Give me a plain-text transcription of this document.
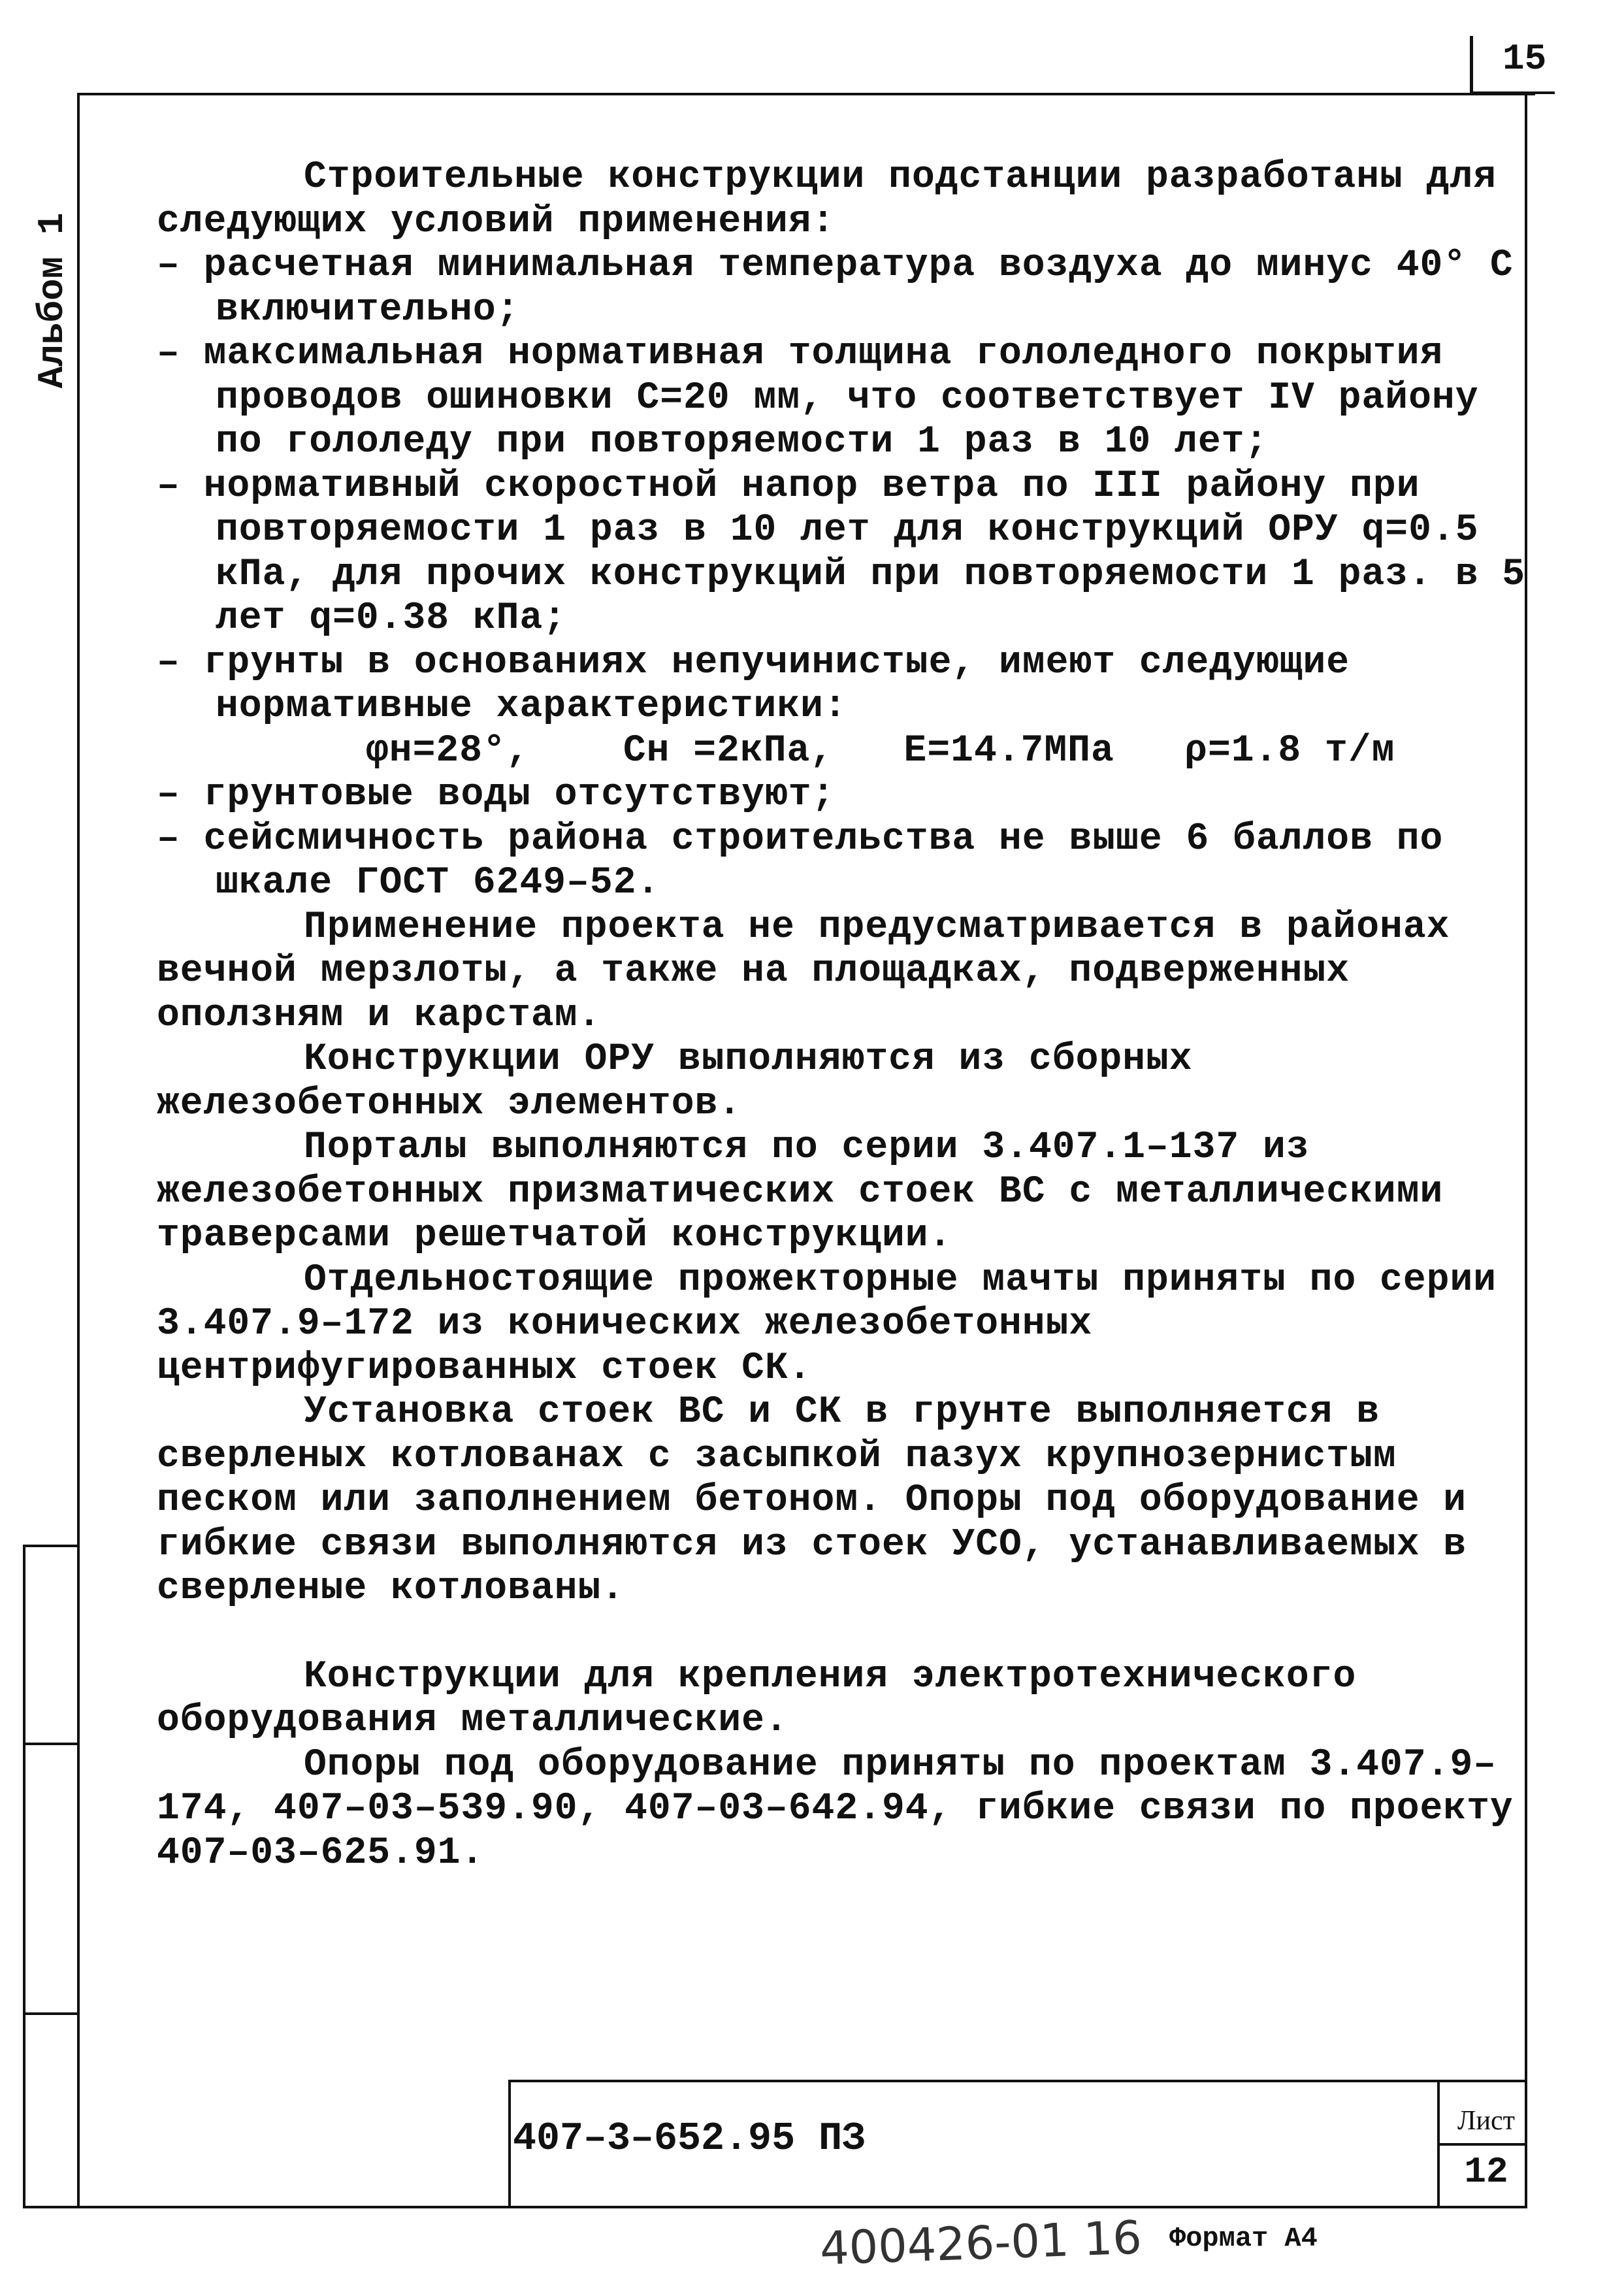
15
Альбом 1

Строительные конструкции подстанции разработаны для следующих условий применения:

– расчетная минимальная температура воздуха до минус 40° С включительно;

– максимальная нормативная толщина гололедного покрытия проводов ошиновки С=20 мм, что соответствует IV району по гололеду при повторяемости 1 раз в 10 лет;

– нормативный скоростной напор ветра по III району при повторяемости 1 раз в 10 лет для конструкций ОРУ q=0.5 кПа, для прочих конструкций при повторяемости 1 раз. в 5 лет q=0.38 кПа;

– грунты в основаниях непучинистые, имеют следующие нормативные характеристики:

φн=28°,    Сн =2кПа,   Е=14.7МПа   ρ=1.8 т/м

– грунтовые воды отсутствуют;

– сейсмичность района строительства не выше 6 баллов по шкале ГОСТ 6249–52.

Применение проекта не предусматривается в районах вечной мерзлоты, а также на площадках, подверженных оползням и карстам.

Конструкции ОРУ выполняются из сборных железобетонных элементов.

Порталы выполняются по серии 3.407.1–137 из железобетонных призматических стоек ВС с металлическими траверсами решетчатой конструкции.

Отдельностоящие прожекторные мачты приняты по серии 3.407.9–172 из конических железобетонных центрифугированных стоек СК.

Установка стоек ВС и СК в грунте выполняется в сверленых котлованах с засыпкой пазух крупнозернистым песком или заполнением бетоном. Опоры под оборудование и гибкие связи выполняются из стоек УСО, устанавливаемых в сверленые котлованы.

Конструкции для крепления электротехнического оборудования металлические.

Опоры под оборудование приняты по проектам 3.407.9–174, 407–03–539.90, 407–03–642.94, гибкие связи по проекту 407–03–625.91.

407–3–652.95 ПЗ	Лист
12
400426-01 16 Формат А4
